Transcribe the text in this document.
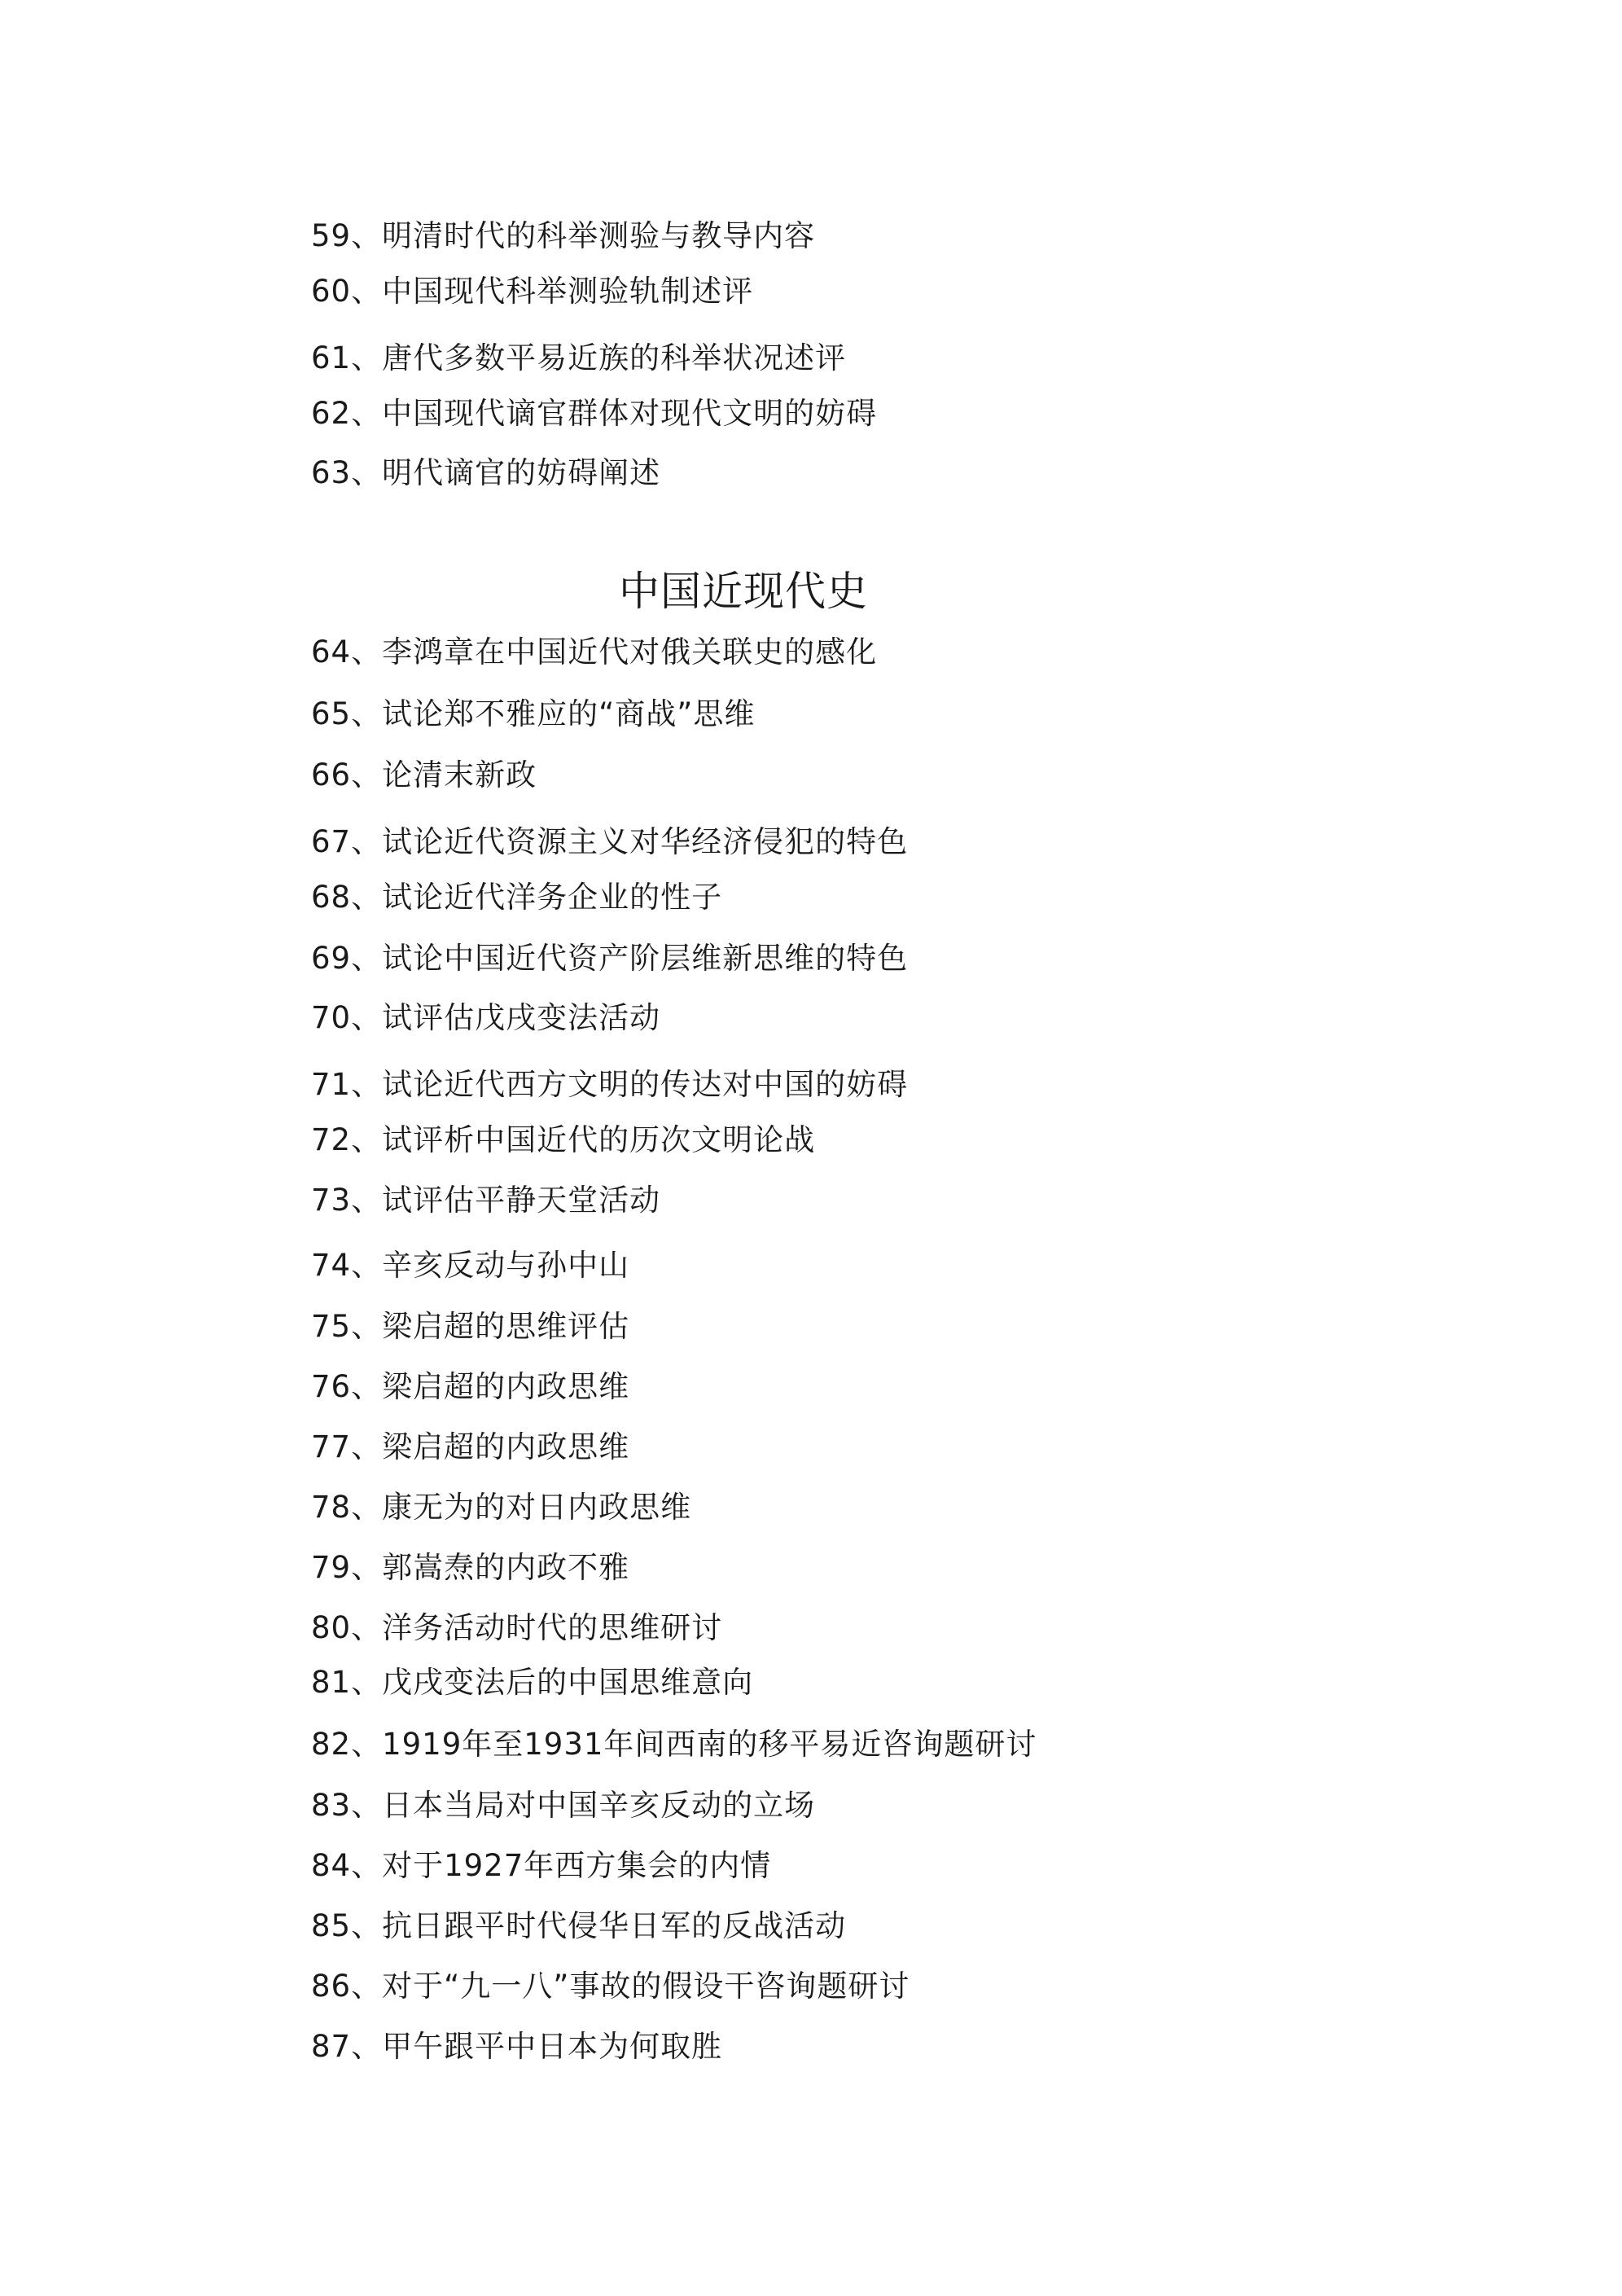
59、明清时代的科举测验与教导内容
60、中国现代科举测验轨制述评
61、唐代多数平易近族的科举状况述评
62、中国现代谪官群体对现代文明的妨碍
63、明代谪官的妨碍阐述
中国近现代史
64、李鸿章在中国近代对俄关联史的感化
65、试论郑不雅应的“商战”思维
66、论清末新政
67、试论近代资源主义对华经济侵犯的特色
68、试论近代洋务企业的性子
69、试论中国近代资产阶层维新思维的特色
70、试评估戊戌变法活动
71、试论近代西方文明的传达对中国的妨碍
72、试评析中国近代的历次文明论战
73、试评估平静天堂活动
74、辛亥反动与孙中山
75、梁启超的思维评估
76、梁启超的内政思维
77、梁启超的内政思维
78、康无为的对日内政思维
79、郭嵩焘的内政不雅
80、洋务活动时代的思维研讨
81、戊戌变法后的中国思维意向
82、1919年至1931年间西南的移平易近咨询题研讨
83、日本当局对中国辛亥反动的立场
84、对于1927年西方集会的内情
85、抗日跟平时代侵华日军的反战活动
86、对于“九一八”事故的假设干咨询题研讨
87、甲午跟平中日本为何取胜
